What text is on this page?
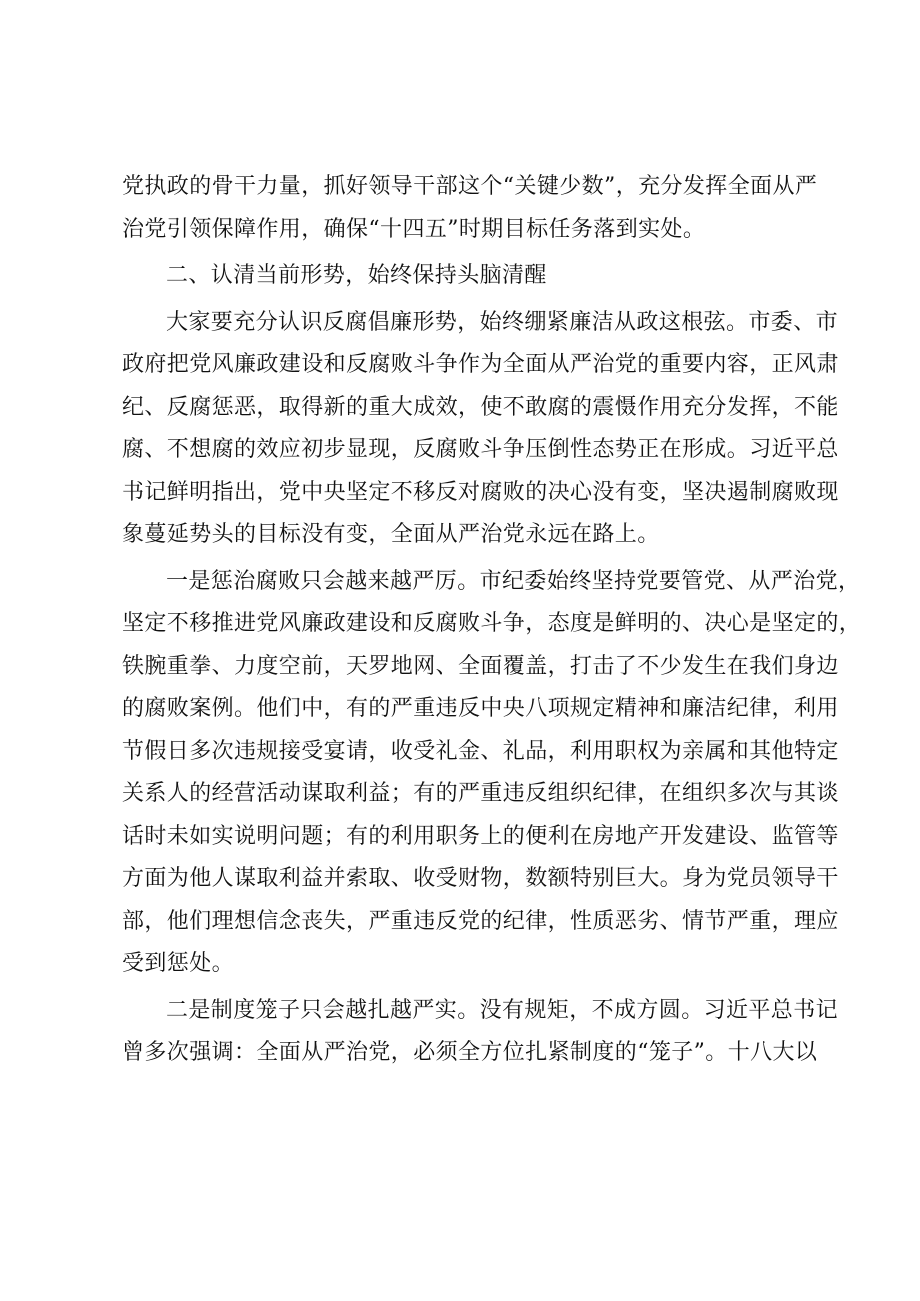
党执政的骨干力量，抓好领导干部这个“关键少数”，充分发挥全面从严
治党引领保障作用，确保“十四五”时期目标任务落到实处。
二、认清当前形势，始终保持头脑清醒
大家要充分认识反腐倡廉形势，始终绷紧廉洁从政这根弦。市委、市
政府把党风廉政建设和反腐败斗争作为全面从严治党的重要内容，正风肃
纪、反腐惩恶，取得新的重大成效，使不敢腐的震慑作用充分发挥，不能
腐、不想腐的效应初步显现，反腐败斗争压倒性态势正在形成。习近平总
书记鲜明指出，党中央坚定不移反对腐败的决心没有变，坚决遏制腐败现
象蔓延势头的目标没有变，全面从严治党永远在路上。
一是惩治腐败只会越来越严厉。市纪委始终坚持党要管党、从严治党，
坚定不移推进党风廉政建设和反腐败斗争，态度是鲜明的、决心是坚定的，
铁腕重拳、力度空前，天罗地网、全面覆盖，打击了不少发生在我们身边
的腐败案例。他们中，有的严重违反中央八项规定精神和廉洁纪律，利用
节假日多次违规接受宴请，收受礼金、礼品，利用职权为亲属和其他特定
关系人的经营活动谋取利益；有的严重违反组织纪律，在组织多次与其谈
话时未如实说明问题；有的利用职务上的便利在房地产开发建设、监管等
方面为他人谋取利益并索取、收受财物，数额特别巨大。身为党员领导干
部，他们理想信念丧失，严重违反党的纪律，性质恶劣、情节严重，理应
受到惩处。
二是制度笼子只会越扎越严实。没有规矩，不成方圆。习近平总书记
曾多次强调：全面从严治党，必须全方位扎紧制度的“笼子”。十八大以
